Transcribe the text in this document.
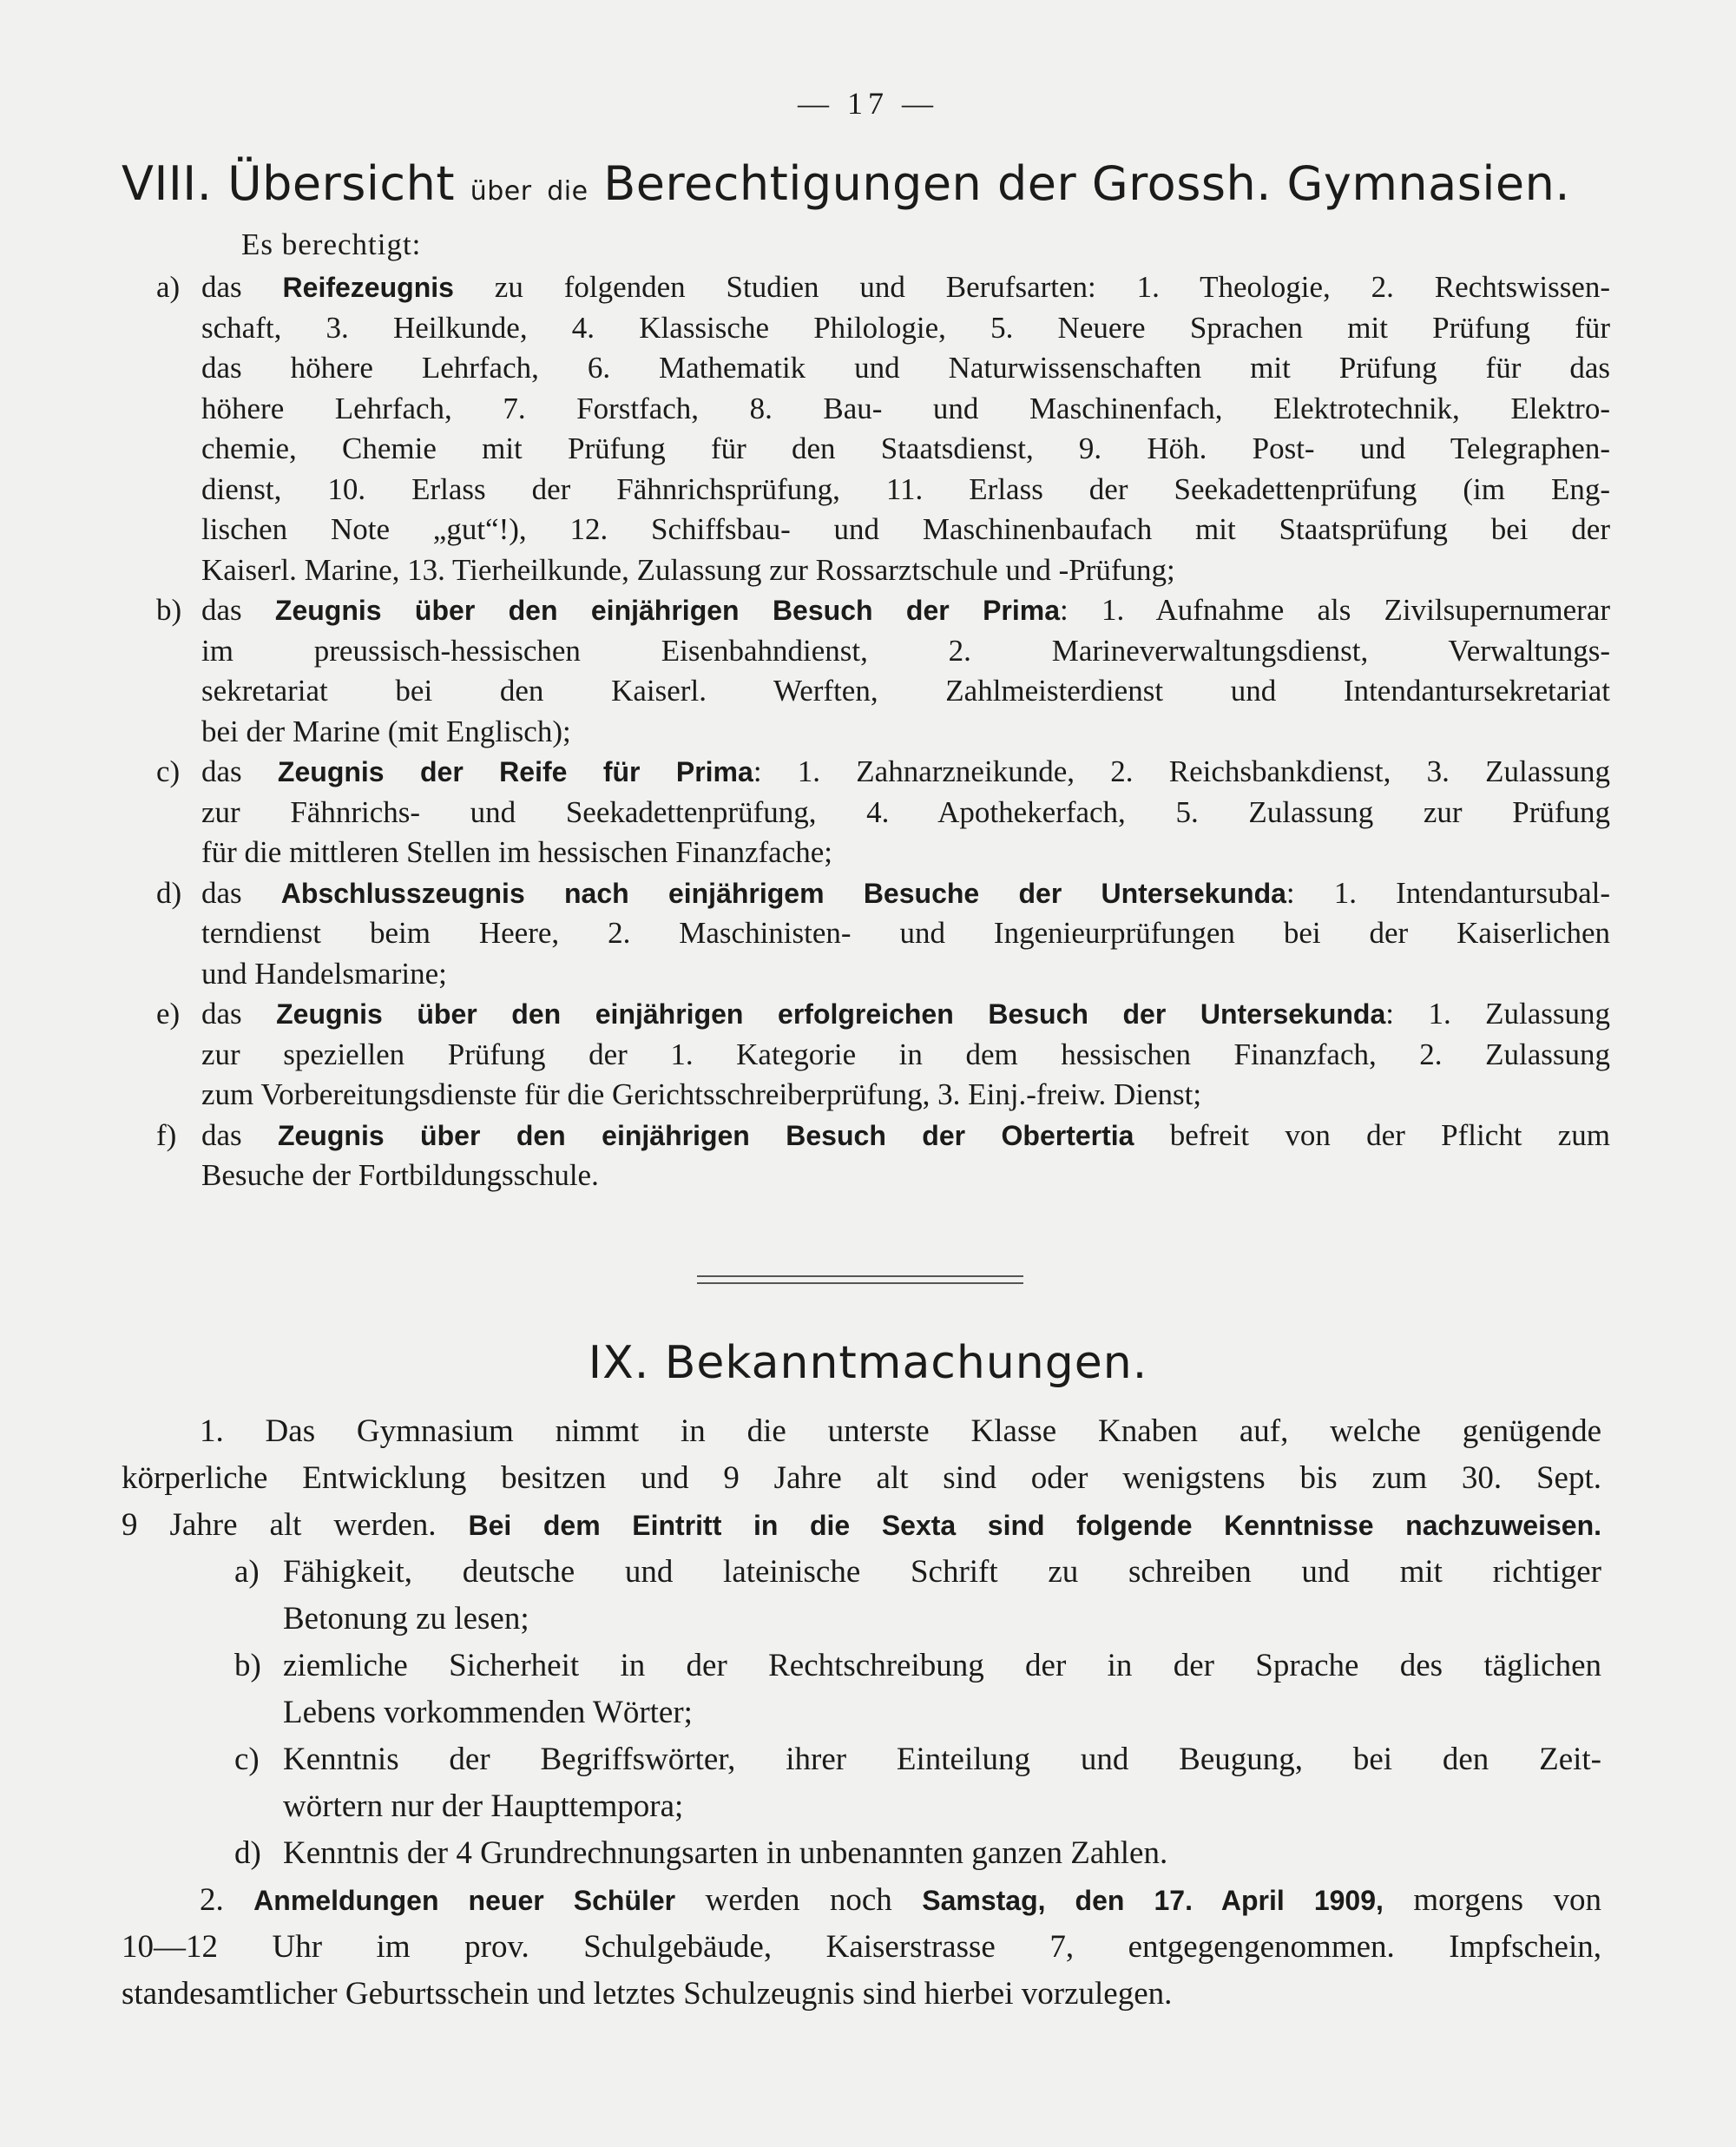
— 17 —
VIII. Übersicht über die Berechtigungen der Grossh. Gymnasien.
Es berechtigt:
a) das Reifezeugnis zu folgenden Studien und Berufsarten: 1. Theologie, 2. Rechtswissen-
schaft, 3. Heilkunde, 4. Klassische Philologie, 5. Neuere Sprachen mit Prüfung für
das höhere Lehrfach, 6. Mathematik und Naturwissenschaften mit Prüfung für das
höhere Lehrfach, 7. Forstfach, 8. Bau- und Maschinenfach, Elektrotechnik, Elektro-
chemie, Chemie mit Prüfung für den Staatsdienst, 9. Höh. Post- und Telegraphen-
dienst, 10. Erlass der Fähnrichsprüfung, 11. Erlass der Seekadettenprüfung (im Eng-
lischen Note „gut“!), 12. Schiffsbau- und Maschinenbaufach mit Staatsprüfung bei der
Kaiserl. Marine, 13. Tierheilkunde, Zulassung zur Rossarztschule und -Prüfung;
b) das Zeugnis über den einjährigen Besuch der Prima: 1. Aufnahme als Zivilsupernumerar
im preussisch-hessischen Eisenbahndienst, 2. Marineverwaltungsdienst, Verwaltungs-
sekretariat bei den Kaiserl. Werften, Zahlmeisterdienst und Intendantursekretariat
bei der Marine (mit Englisch);
c) das Zeugnis der Reife für Prima: 1. Zahnarzneikunde, 2. Reichsbankdienst, 3. Zulassung
zur Fähnrichs- und Seekadettenprüfung, 4. Apothekerfach, 5. Zulassung zur Prüfung
für die mittleren Stellen im hessischen Finanzfache;
d) das Abschlusszeugnis nach einjährigem Besuche der Untersekunda: 1. Intendantursubal-
terndienst beim Heere, 2. Maschinisten- und Ingenieurprüfungen bei der Kaiserlichen
und Handelsmarine;
e) das Zeugnis über den einjährigen erfolgreichen Besuch der Untersekunda: 1. Zulassung
zur speziellen Prüfung der 1. Kategorie in dem hessischen Finanzfach, 2. Zulassung
zum Vorbereitungsdienste für die Gerichtsschreiberprüfung, 3. Einj.-freiw. Dienst;
f) das Zeugnis über den einjährigen Besuch der Obertertia befreit von der Pflicht zum
Besuche der Fortbildungsschule.
IX. Bekanntmachungen.
1. Das Gymnasium nimmt in die unterste Klasse Knaben auf, welche genügende
körperliche Entwicklung besitzen und 9 Jahre alt sind oder wenigstens bis zum 30. Sept.
9 Jahre alt werden. Bei dem Eintritt in die Sexta sind folgende Kenntnisse nachzuweisen.
a) Fähigkeit, deutsche und lateinische Schrift zu schreiben und mit richtiger
Betonung zu lesen;
b) ziemliche Sicherheit in der Rechtschreibung der in der Sprache des täglichen
Lebens vorkommenden Wörter;
c) Kenntnis der Begriffswörter, ihrer Einteilung und Beugung, bei den Zeit-
wörtern nur der Haupttempora;
d) Kenntnis der 4 Grundrechnungsarten in unbenannten ganzen Zahlen.
2. Anmeldungen neuer Schüler werden noch Samstag, den 17. April 1909, morgens von
10—12 Uhr im prov. Schulgebäude, Kaiserstrasse 7, entgegengenommen. Impfschein,
standesamtlicher Geburtsschein und letztes Schulzeugnis sind hierbei vorzulegen.
